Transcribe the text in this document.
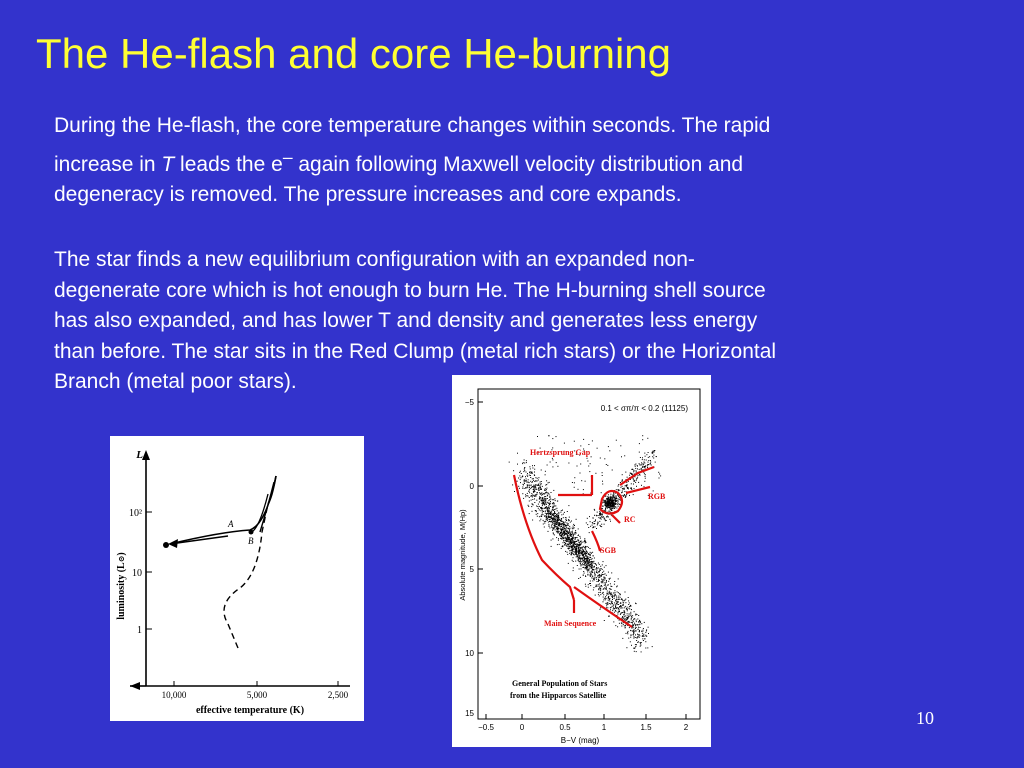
The He-flash and core He-burning

During the He-flash, the core temperature changes within seconds. The rapid
increase in T leads the e– again following Maxwell velocity distribution and
degeneracy is removed. The pressure increases and core expands.

The star finds a new equilibrium configuration with an expanded non-
degenerate core which is hot enough to burn He. The H-burning shell source
has also expanded, and has lower T and density and generates less energy
than before. The star sits in the Red Clump (metal rich stars) or the Horizontal
Branch (metal poor stars).

L
10²
10
1
luminosity (L⊙)
10,000	5,000	2,500
effective temperature (K)
A
B
0.1 < σπ/π < 0.2 (11125)
−5
0
5
10
15
Absolute magnitude, M(Hp)
−0.5	0	0.5	1	1.5	2
B−V (mag)
Hertzsprung Gap
RGB
RC
SGB
Main Sequence
General Population of Stars
from the Hipparcos Satellite
10
